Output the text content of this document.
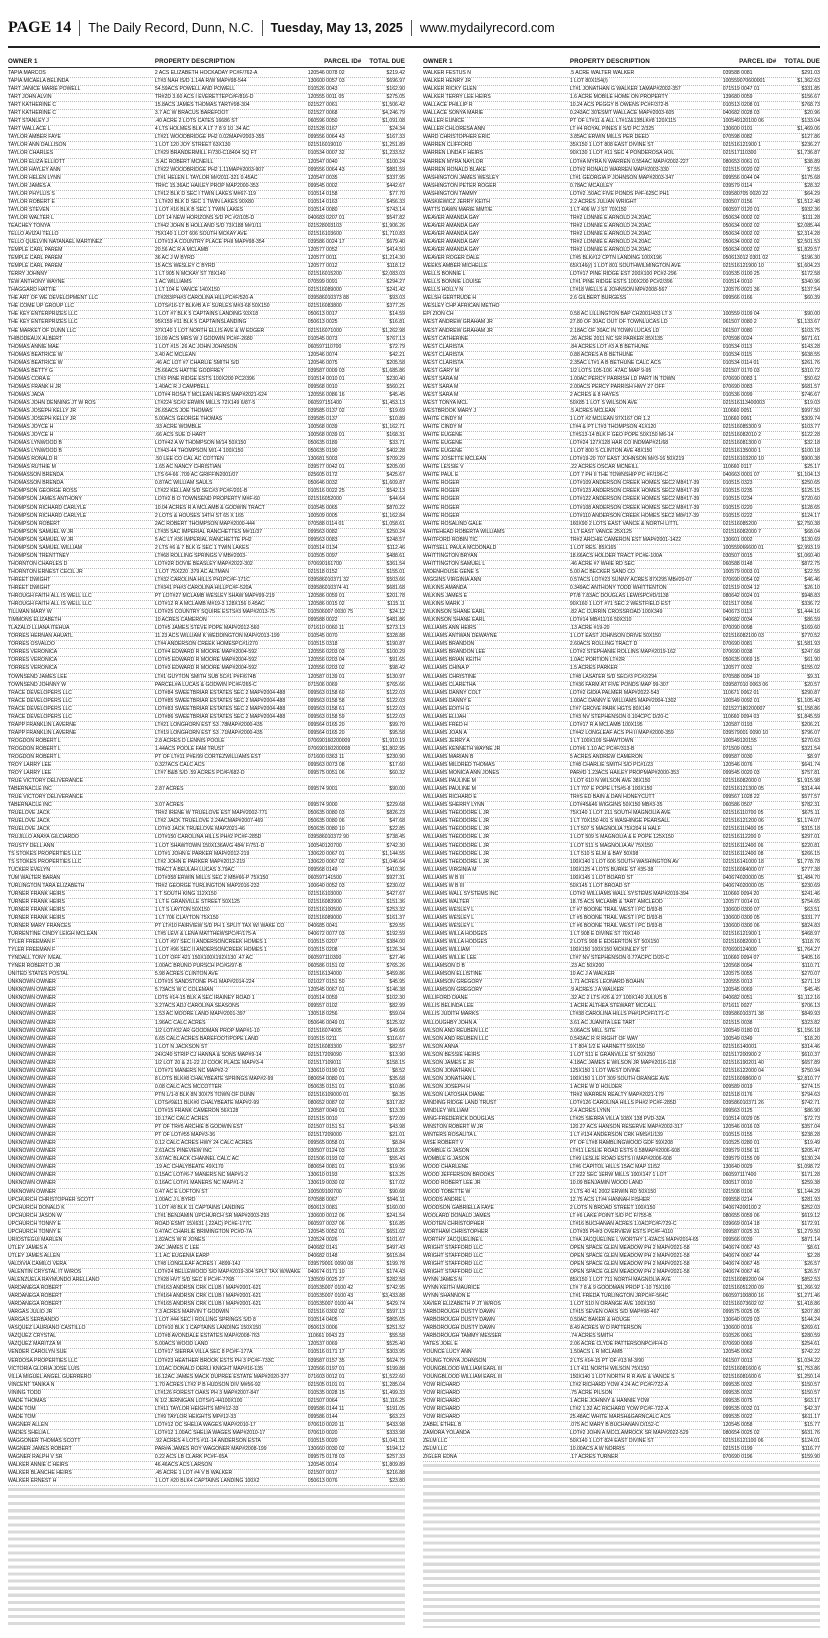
PAGE 14 The Daily Record, Dunn, N.C. Tuesday, May 13, 2025 www.mydailyrecord.com
OWNER 1	PROPERTY DESCRIPTION	PARCEL ID#	TOTAL DUE
TAPIA MARCOS	2 ACS ELIZABETH HOCKADAY PC#F/762-A	120546 0078 02	$219.42
TAPIA MICAELA BELINDA	LT#3 NAH IS/D 1.14A R/W MAP#98-544	130600 0057 03	$696.97
TART JANICE MARIE POWELL	54.59ACS POWELL AND POWELL	010526 0043	$162.90
TART JOHN ALVIN	TR#2D 3.60 ACS I EVERETTEPC#F/816-D	120555 0011 05	$275.05
TART KATHERINE C	15.8ACS JAMES THOMAS TART#98-304	021527 0061	$1,506.42
TART KATHERINE C	3.7 AC W BRACUS BAREFOOT	021527 0068	$4,246.79
TART STANLEY J	.40 ACRE 2 LOTS CATES 16686 ST	060596 0050	$1,091.08
TART WALLACE L	4 LTS HOLMES BLK A LT 7 8 9 10 .34 AC	021528 0167	$24.34
TAYLOR AMBER FAYE	LT#21 WOODBRIDGE PH2 0.02MAP#2003-355	099556 0064 43	$167.33
TAYLOR ANN DALLISON	1 LOT 120 JOY STREET 63X130	021516019010	$1,251.89
TAYLOR CHARLES	LT#29 BRANDERMILL F/730-C18404 SQ FT	010534 0007 32	$1,233.52
TAYLOR ELIZA ELLIOTT	.5 AC ROBERT MCNEILL	120547 0040	$100.24
TAYLOR HAYLEY ANN	LT#22 WOODBRIDGE PH2 1.11MAP#2003-907	099556 0064 43	$881.59
TAYLOR HELEN LYNN	LT#1 HELEN L TAYLOR M#2011-321 0.45AC	120547 0035	$337.95
TAYLOR JAMES A	TR#C 15.36AC HAILEY PROP MAP2000-353	099545 0002	$442.67
TAYLOR PHYLLIS S	LT#12 BLK D SEC I TWIN LAKES M#67-119	010514 0158	$77.70
TAYLOR ROBERT E	1 LT#20 BLK D SEC 1 TWIN LAKES 90X80	010514 0163	$456.33
TAYLOR STEVEN	1 LOT #16 BLK B SEC 1 TWIN LAKES	010514 0080	$743.14
TAYLOR WALTER L	LOT 14 NEW HORIZONS S/D PC #2/105-D	040683 0207 01	$547.82
TEACHEY TONYA	LT#42 JOHN B HOLLAND S/D 73X188 M#1/11	021528003103	$1,906.26
TELLO AVIZAI TELLO	75X140 1 LOT 606 SOUTH MCKAY AVE	021516103600	$1,710.83
TELLO QUELVIN NATANAEL MARTINEZ	LOT#13 A COUNTRY PLACE PHII MAP#98-354	039586 0024 17	$679.40
TEMPLE CARL PAREM	20.56 AC R A MCLAMB	120577 0052	$414.50
TEMPLE CARL PAREM	36 AC J W BYRD	120577 0011	$1,214.30
TEMPLE CARL PAREM	15 ACS WESLEY C BYRD	120577 0012	$118.12
TERRY JOHNNY	1 LT 905 N MCKAY ST 78X140	021516015200	$2,083.03
TEW ANTHONY WAYNE	1 AC WILLIAMS	070599 0091	$294.27
THAGGARD HATTIE	1 LT 104 E VANCE 140X150	021516089000	$241.42
THE ART OF WE DEVELOPMENT LLC	LT#283/PH#3 CAROLINA HILLPC#F/520-A	039586010373 88	$93.03
THE COME UP GROUP LLC	LOTS#16-17 BLK#B A F SURLES M#3-68 50X150	021516083800	$377.25
THE KEY ENTERPRIZES LLC	1 LOT #7 BLK 5 CAPTAINS LANDING 93X18	050613 0017	$14.59
THE KEY ENTERPRIZES LLC	95X159 #11 BLK 5 CAPTAINSLANDING	050613 0025	$16.81
THE MARKET OF DUNN LLC	37X140 1 LOT NORTH ELLIS AVE & W EDGER	021516071000	$1,262.98
THIBODEAUX ALBERT	10.09 ACS MRS W J GODWIN PC#F-2680	010545 0073	$767.13
THOMAS ANNIE MAE	1 LOT #15 .26 AC JOHN JOHNSON	060597110700	$72.79
THOMAS BEATRICE W	3.40 AC MCLEAN	120546 0074	$42.21
THOMAS BEATRICE W	.46 AC LOT #7 CHARLIE SMITH S/D	120546 0075	$205.58
THOMAS BETTY G	25.66ACS HATTIE GODFREY	039587 0009 03	$1,685.86
THOMAS CORA E	LT#3 PINE RIDGE ESTS 100X200 PC2/396	010514 0010 01	$230.40
THOMAS FRANK H JR	1.40AC R J CAMPBELL	099568 0010	$560.21
THOMAS JADA	LOT#4 ROSA T MCLEAN HEIRS MAP#2021-624	120556 0086 16	$45.45
THOMAS JOHN DENNING JT W ROS	LT#224 SC#2 ERWIN MILLS 72X149 6/87-5	060597151400	$1,453.13
THOMAS JOSEPH KELLY JR	26.65ACS JOE THOMAS	039585 0137 02	$19.69
THOMAS JOSEPH KELLY JR	5.00ACS GEORGE THOMAS	039585 0137	$10.89
THOMAS JOYCE H	.93 ACRE WOMBLE	100568 0039	$1,162.71
THOMAS JOYCE H	.66 ACS SUE D HART	100568 0039 01	$168.31
THOMAS LYNWOOD B	LOT#42 A W THOMPSON M/14 50X150	050635 0189	$33.71
THOMAS LYNWOOD B	LT#43-44 THOMPSON M/1-4 100X150	050635 0190	$402.28
THOMAS RONALD R	.50 LEE CO CAL AC COTTEN	130681 5003	$709.29
THOMAS RUTHIE M	1.65 AC NANCY CHRISTIAN	039577 0042 01	$205.00
THOMASSON BRENDA	LTS 64-66 .709 AC GRIFFIN2001/07	025605 0172	$425.67
THOMASSON BRENDA	0.87AC WILLIAM SAULS	050646 0032	$1,609.87
THOMPSON GEORGE ROSS	LT#22 KELLAM S/D SEC#3 PC#F/201-B	010516 0022 25	$542.13
THOMPSON JAMES ANTHONY	LOT#2 B O TOWNSEND PROPERTY M#F-60	021516052000	$44.64
THOMPSON RICHARD CARLYLE	10.04 ACRES R A MCLAMB & GODWIN TRACT	010545 0065	$870.22
THOMPSON RICHARD CARLYLE	2 LOTS & HOUSES 14TH ST 65 X 165	100509 0005	$1,162.84
THOMPSON ROBERT	2AC ROBERT THOMPSON MAP#2000-444	070588 0114 01	$1,058.61
THOMPSON SAMUEL W JR	LT#35 5AC IMPERIAL RANCHETTES M#11/37	099563 0082	$250.24
THOMPSON SAMUEL W JR	5 AC LT #36 IMPERIAL RANCHETTE PH2	099563 0083	$248.57
THOMPSON SAMUEL WILLIAM	2 LTS #6 & 7 BLK G SEC 1 TWIN LAKES	010514 0134	$112.46
THOMPSON TRENTTNEY	LT#68 ROLLING SPRINGS V MB#2003-	010505 0097	$488.61
THORNTON CHARLES D	LOT#2R DOVIE BEASLEY MAP#2022-302	070690161700	$361.54
THORNTON ERNEST CECIL JR	1 LOT 75X220 .379 AC ALTMAN	021518 0152	$155.01
THREET DWIGHT	LT#32 CAROLINA HILLS PH1PC#F-171C	039586010371 32	$503.66
THREET DWIGHT	LT#341 PH#3 CAROLINA HILLPC#F-520A	039586010374 41	$681.68
THROUGH FAITH ALL IS WELL LLC	PT LOT#27 MCLAMB WESLEY SHAW MAP#99-219	120586 0059 01	$201.78
THROUGH FAITH ALL IS WELL LLC	LOT#12 R A MCLAMB M#19-3 128X156 0.45AC	120586 0015 02	$115.11
TILLMAN MARY W	LOT#25 COUNTRY SQUIRE ESTS#3 MAP#2013-75	010506007 0030 75	$24.12
TIMMONS ELIZABETH	10 ACRES CAMERON	099588 0022	$481.86
TLAZALO LLIANA ITEHUA	LOT#5 JAMES STEVE POPE MAP#2012-560	071610 0060 11	$273.13
TORRES HERNAN AHUATL	11.23 ACS WILLIAM K WEDDINGTON MAP#2013-199	010545 0070	$328.88
TORRES OSVALDO	LT#4 ANDERSON CREEK HOMESPC#1/270	010515 0318	$190.87
TORRES VERONICA	LOT#4 EDWARD R MOORE MAP#2004-592	120556 0203 03	$100.29
TORRES VERONICA	LOT#5 EDWARD R MOORE MAP#2004-592	120556 0203 04	$91.65
TORRES VERONICA	LOT#3 EDWARD R MOORE MAP#2004-592	120556 0203 02	$98.42
TOWNSEND JAMES LEE	LT#1 GUYTON SMITH SUB 5C#1 P#F/674B	120587 0139 01	$130.97
TOWNSEND JOHNNY W	PARCEL#A LUCAS & GODWIN PC#F/265-C	071506 0069	$765.66
TRACE DEVELOPERS LLC	LOT#84 SWEETBRIAR ESTATES SEC 2 MAP#2004-488	099563 0158 60	$122.03
TRACE DEVELOPERS LLC	LOT#85 SWEETBRIAR ESTATES SEC 2 MAP#2004-488	099563 0158 58	$122.03
TRACE DEVELOPERS LLC	LOT#83 SWEETBRIAR ESTATES SEC 2 MAP#2004-488	099563 0158 61	$122.03
TRACE DEVELOPERS LLC	LOT#86 SWEETBRIAR ESTATES SEC 2 MAP#2004-488	099563 0158 59	$122.03
TRAPP FRANKLIN LAVERNE	LT#21 LONGHORN EST S3 .78MAP#2000-435	099564 0165 20	$99.70
TRAPP FRANKLIN LAVERNE	LT#19 LONGHORN EST S3 .71MAP#2000-435	099564 0165 20	$95.58
TROGDON ROBERT L	2.8 ACRES D LENNIS POOLE	070690160200009	$1,910.19
TROGDON ROBERT L	1.44ACS POOLE FAM TRUST	070690160200008	$1,802.95
TROGDON ROBERT L	PT OF LT#11 P#E/99 CORTEZWILLIAMS EST	071600 0363 11	$230.90
TROY LARRY LEE	0.327ACS CALC ACS	099563 0073 08	$17.60
TROY LARRY LEE	LT#7 B&B S/D .59 ACRES PC#F/682-D	099575 0051 06	$60.32
TRUE VICTORY DELIVERANCE
TABERNACLE INC	2.87 ACRES	099574 9001	$90.00
TRUE VICTORY DELIVERANCE
TABERNACLE INC	3.07 ACRES	099574 9000	$229.68
TRUELOVE JACK	TR#2 IRENE W TRUELOVE EST MAP#2002-771	050635 0080 03	$826.23
TRUELOVE JACK	LT#2 JACK TRUELOVE 2.24ACMAP#2007-469	050635 0080 06	$47.68
TRUELOVE JACK	LOT#3 JACK TRUELOVE MAP2021-46	050635 0080 10	$22.85
TRUJILLO ANAYA GILCIARDO	LOT#150 CAROLINA HILLS PH#2 PC#F-285D	039586010372 90	$738.45
TRUSTY DELL ANN	1 LOT SHAWTOWN 150X136AVG 484/ F/751-D	100540120700	$742.30
TS STOKES PROPERTIES LLC	LOT#1 JOHN E PARKER MAP#2012-219	130620 0067 01	$1,144.55
TS STOKES PROPERTIES LLC	LT#2 JOHN E PARKER MAP#2012-219	130620 0067 02	$1,046.64
TUCKER EVELYN	TRACT A BEULAH LUCAS 3.79AC	099568 0149	$410.36
TUM WALTER BARAN	LOT#358 ERWIN MILLS SEC 2 MB#66-P 75X150	060597141500	$927.31
TURLINGTON TARA ELIZABETH	TR#2 GEORGE TURLINGTON MAP2016-232	100640 0052 03	$230.02
TURNER FRANK HEIRS	1 T SOUTH KING 112X150	021516103000	$427.67
TURNER FRANK HEIRS	1 LT E GRANVILLE STREET 50X125	021516083900	$151.36
TURNER FRANK HEIRS	1 LT S LAYTON 50X150	021516100500	$253.32
TURNER FRANK HEIRS	1 LT 706 CLAYTON 75X150	021516089000	$161.37
TURNER MARY FRANCES	PT LT#10 FAIRVIEW S/D PH 1 SPLIT TAX W/ WAKE CO	040685 0041	$29.55
TURRENTINE CINDY LEIGH MCLEAN	LT#5 LEVI & LENA MATTHEWSPC#F/175-A	040672 0077 03	$192.59
TYLER FREEMAN F	1 LOT #97 SEC II ANDERSONCREEK HOMES 1	010515 0207	$384.00
TYLER FREEMAN F	1 LOT #96 SEC II ANDERSONCREEK HOMES 1	010515 0208	$126.34
TYNDALL TONY IVEAL	1 LOT OFF 421 150X100X192X130 .47 AC	060597110300	$27.46
TYNER ROBERT D JR	1.00AC BRUNO PURSCH PC#G/97-B	060586 0151 02	$765.26
UNITED STATES POSTAL	5.98 ACRES CLINTON AVE	021516134000	$459.86
UNKNOWN OWNER	LOT#15 SANDSTONE PH1 MAP#2014-224	021027 0151 50	$45.95
UNKNOWN OWNER	5.73ACS W C COLEMAN	120545 0067 01	$146.38
UNKNOWN OWNER	LOTS #14-15 BLK A SEC IRAINEY ROAD 1	010514 0059	$102.30
UNKNOWN OWNER	3.27ACS ADJ CAROLINA SEASONS	099557 0102	$82.99
UNKNOWN OWNER	1.53 AC MOORE LAND MAP#2001-397	130518 0256	$59.04
UNKNOWN OWNER	1.96AC CALC ACRES	050646 0049 01	$125.92
UNKNOWN OWNER	1/2 LOT#32 AR GOODMAN PROP MAP#1-10	021516074005	$49.66
UNKNOWN OWNER	6.65 CALC ACRES BAREFOOT/POPE LAND	010515 0211	$116.67
UNKNOWN OWNER	1 LOT N JACKSON ST	021516083300	$82.57
UNKNOWN OWNER	24X240 STRIP CJ HANNA & SONS MAP#9-14	021517209090	$13.90
UNKNOWN OWNER	1/2 LOT 20 & 21-22 JJ COOK PLACE MAP#3-4	021517109011	$158.15
UNKNOWN OWNER	LOT#71 MANERS NC MAP#2-2	130610 0190 01	$8.52
UNKNOWN OWNER	8 LOTS BLK#8 CHALYBEATE SPRINGS MAP#2-99	080654 0080 01	$35.68
UNKNOWN OWNER	0.08 CALC ACS MCCOTTER	050635 0151 01	$10.86
UNKNOWN OWNER	PTN L/1-8 BLK 8N 30X75 TOWN OF DUNN	021516109000 01	$8.35
UNKNOWN OWNER	LOTS#9&11 BLK#0 CHALYBEATE MAP#2-99	080652 0087 02	$317.82
UNKNOWN OWNER	LOT#15 FRANK CAMERON 56X128	120587 0049 01	$13.30
UNKNOWN OWNER	10.17AC CALC ACRES	021515 0010	$72.09
UNKNOWN OWNER	PT OF TR#5 ARCHIE B GODWIN EST	021507 0151 51	$43.98
UNKNOWN OWNER	PT OF LOT#55 MAP#3-36	021517209000	$21.01
UNKNOWN OWNER	0.12 CALC ACRES HWY 24 CALC ACRES	099565 0058 01	$8.84
UNKNOWN OWNER	2.61ACS PINEVIEW INC	030507 0124 03	$318.26
UNKNOWN OWNER	3.67AC BLACK CHANNEL CALC AC	021506 0193 02	$55.43
UNKNOWN OWNER	.19 AC CHALYBEATE 49X170	080654 0081 01	$19.96
UNKNOWN OWNER	0.15AC LOT#6-7 MANERS NC MAP#1-2	130610 0193	$13.25
UNKNOWN OWNER	0.16AC LOT#1 MANERS NC MAP#1-2	130619 0030 02	$17.02
UNKNOWN OWNER	0.47 AC E LOFTON ST	100509100700	$90.68
UPCHURCH CHRISTOPHER SCOTT	1.00AC J L BYRD	070588 0067	$946.11
UPCHURCH DONALD K	1 LOT #8 BLK 11 CAPTAINS LANDING	050613 0081	$160.00
UPCHURCH JASON W	LT#1 BENJAMIN UPCHURCH SR MAP#2003-293	130600 0012 06	$241.54
UPCHURCH TONNY E	ROAD ESMT 15X631 (.22AC) PC#E-177C	060597 0037 06	$16.85
UPCHURCH TONNY E	0.47AC CHARLIE BRIMINGTON PC#D-7A	120545 0052 01	$651.02
URIOSTEGUI MARLEN	1.82ACS W R JONES	120524 0026	$101.67
UTLEY JAMES A	2AC JAMES C LEE	040682 0141	$497.43
UTLEY JAMES ALLEN	1.1 AC EUGENIA EARP	040682 0148	$615.84
VALDIVIA CAMILO VERA	LT#8 LONGLEAF ACRES I .4899-14J	039579001 0090 08	$199.78
VALENTIN CRYSTAL IT W/ROS	LOT#24 BELLEWOOD S/D MAP#2019-304 SPLT TAX W/WAKE	040674 0171 10	$174.43
VALENZUELA RAYMUNDO ARELLANO	LT#28 HVT S/D SEC II PC#F-776B	130509 0025 27	$282.58
VARDANEGA ROBERT	LT#163 ANDRSN CRK CLUB I MAP#2001-621	010535007 0100 42	$742.95
VARDANEGA ROBERT	LT#164 ANDRSN CRK CLUB I MAP#2001-621	010535007 0100 43	$3,433.88
VARDANEGA ROBERT	LT#165 ANDRSN CRK CLUB I MAP#2001-621	010535007 0100 44	$429.74
VARGAS JULIO JR	7.3 ACRES MARVIN T GODWIN	021516 0302 02	$597.13
VARGAS SERBANDO	1 LOT #44 SEC I ROLLING SPRINGS S/D 8	010514 0405	$865.05
VASQUEZ LAURIANO CASTILLO	LOT#10 BLK 1 CAPTAINS LANDING 150X150	050613 0006	$251.52
VAZQUEZ CRYSTAL	LOT#8 AVONDALE ESTATES MAP#2008-763	110661 0043 23	$55.58
VAZQUEZ MARITZA M	5.00ACS WOOD LAND	120537 0069	$525.40
VENDER CAROLYN SUE	LOT#17 SIERRA VILLA SEC 8 PC#F-177A	010516 0171 17	$303.95
VERDOSA PROPERTIES LLC	LOT#23 HEATHER BROOK ESTS PH 3 PC#F-733C	039587 0157 35	$624.79
VICTORIA GLORIA JOSE LUIS	1.01AC DONALD OERLI KNIGHT MAP#16-135	120566 0197 01	$199.88
VILLA MIGUEL ANGEL GUERRERO	16.12AC JAMES MACK DUPREE ESTATE MAP#2020-377	071603 0012 01	$1,522.60
VINCENT TANIKA N	1.70 ACRES LT#2 P B HUDSON DIV M#56-92	021505 0101 01	$1,285.04
VINING TODD	LT#126 FOREST OAKS PH 3 MAP#2007-847	010535 0028 15	$1,499.33
WADE THOMAS	N 1/2 JERNIGAN LOTS#1-44100X100	021507 0064	$1,116.25
WADE TOM	LT#11 TAYLOR HEIGHTS MP#12-33	099586 0144 11	$191.05
WADE TOM	LT#9 TAYLOR HEIGHTS MP#12-33	099586 0144	$63.23
WAGNER ALLEN	LOT#12 OC SHELIA WAGES MAP#2010-17	070610 0020 11	$433.98
WADES SHELIA L	LOT#12 1.00AC SHELIA WAGES MAP#2010-17	070610 0020	$333.98
WAGGONER THOMAS SCOTT	.92 ACRES 4 LOTS #11-14 ANDERSON ESTA	010515 0020	$1,041.31
WAGNER JAMES ROBERT	PAR#A JAMES ROY WAGONER MAP#2008-199	130660 0030 02	$194.12
WAGNER RALPH V SR	0.22 ACS LB CLARK PC#F-65A	099575 0178 03	$257.33
WALKER ANNIE C HEIRS	46.46ACS ACS LARSON	120545 0014	$1,809.89
WALKER BLANCHE HEIRS	.45 ACRE 1 LOT #4 V B WALKER	021507 0017	$216.88
WALKER ERNEST H	1 LOT #20 BLK4 CAPTAINS LANDING 100X2	050613 0076	$23.80
OWNER 1	PROPERTY DESCRIPTION	PARCEL ID#	TOTAL DUE
WALKER FESTUS N	.5 ACRE WALTER WALKER	039588 0081	$291.03
WALKER HENRY JR	1 LOT 80X154(/)	100559070600001	$1,362.63
WALKER RICKY GLEN	LT#1 JONATHAN G WALKER 1AMAP#2002-357	071519 0047 01	$331.85
WALKER TERRY LEE HEIRS	1.6 ACRE MOBILE HOME ON PROPERTY	139680 0059	$156.67
WALLACE PHILLIP R	10.24 ACS PEGGY B OWENS PC#F/372-B	010513 0208 01	$768.73
WALLACE SONYA MARIE	0.243AC 30'ESMT WALLACE MAP#2003-605	040682 0028 03	$20.96
WALLER EUNICE	PT OF LT#11 & ALL LT#12&13BLK#8 120X115	100549120100 06	$133.04
WALLER CHLORESA ANN	LT #4 ROYAL PINES II S/D PC 2/325	130600 0101	$1,469.06
WARD CHRISTOPHER ERIC	3.85AC ERWIN MILLS PER DEED	070598 0082	$127.86
WARREN CLIFFORD	35X150 1 LOT 808 EAST DIVINE ST	021516121900 1	$236.27
WARREN LINDA F HEIRS	90X130 1 LOT #11 SEC 4 PONDEROSA HOL	021517110300	$1,736.87
WARREN MYRA NAYLOR	LOT#A MYRA N WARREN 0.554AC MAP#2002-227	080653 0061 01	$38.89
WARREN RONALD BLAKE	LOT#2 RONALD WARREN MAP#2003-330	021515 0020 02	$7.55
WASHINGTON JAMES WESLEY	LT#1 GEORGIA P JOHNSON MAP#2003-347	099556 0044 04	$175.68
WASHINGTON PETER ROGER	0.78AC MCAULEY	039579 0114	$28.32
WASHINGTON TAMMY	LOT#2 .50AC FIVE PONDS P#F-625C PH1	039580705 0020 22	$64.29
WASKIEWICZ JERRY KEITH	2.2 ACRES JULIAN WRIGHT	030507 0156	$1,512.48
WATTS DAWN MARIE MMT/E	1 LT 406 W J ST 70X150	060597 0120 01	$932.36
WEAVER AMANDA GAY	TR#2 LONNIE E ARNOLD 24.20AC	050634 0002 02	$111.28
WEAVER AMANDA GAY	TR#2 LONNIE E ARNOLD 24.20AC	050634 0002 02	$2,085.44
WEAVER AMANDA GAY	TR#2 LONNIE E ARNOLD 24.20AC	050634 0002 02	$2,314.28
WEAVER AMANDA GAY	TR#2 LONNIE E ARNOLD 24.20AC	050634 0002 02	$2,501.53
WEAVER AMANDA GAY	TR#2 LONNIE E ARNOLD 24.20AC	050634 0002 02	$1,829.57
WEAVER ROGER DALE	LT#5 BLK#12 CPTN LANDING 100X196	050613012 0301 02	$196.30
WEEKS AMBER MICHELLE	65X146(/) 1 LOT 801 SOUTHWILMINGTON AVE	021516121900 10	$1,604.23
WELLS BONNIE L	LOT#17 PINE RIDGE EST 200X100 PC#2-296	010535 0100 25	$172.58
WELLS BONNIE LOUISE	LT#1 PINE RIDGE ESTS 100X200 PC#2/396	010514 0010	$340.96
WELLS HOLLY N	LT#18 WELLS & JOHNSON MP#2008-567	120576 0021 36	$137.54
WELSH GERTRUDE H	2.6 GILBERT BURGESS	099566 0166	$60.39
WESLEY CHP AFRICAN METHO
EPI ZION CH	0.58 AC LILLINGTON BAP CH2001/433 LT 3	100559 0109 04	$90.00
WEST ANDREW GRAHAM JR	27.80 OF 30AC OUT OF TOWNLUCAS LD	061507 0080 2	$1,133.67
WEST ANDREW GRAHAM JR	2.18AC OF 30AC IN TOWN LUCAS LD	061507 0080	$103.75
WEST CATHERINE	.26 ACRE 2011 NC SR PARKER 85X135	070598 0024	$671.61
WEST CLARISTA	.84 ACRES LOT #3 A B BETHUNE	010534 0113	$143.28
WEST CLARISTA	0.88 ACRES A B BETHUNE	010534 0115	$638.55
WEST CLARISTA	2.35AC LT#1 A B BETHUNE CALC ACS	010534 0114 01	$261.76
WEST GARY M	1/2 LOTS 105-106 .47AC MAP 9-95	021507 0170 03	$310.72
WEST SARA M	1.00AC PERCY PARRISH LD PART IN TOWN	070690 0083 1	$50.62
WEST SARA M	2.00ACS PERCY PARRISH HWY 27 OFF	070690 0083	$681.57
WEST SARA M	2 ACRES & 8 HAYES	010536 0099	$746.67
WEST TONYA MCL	50X85 1 LOT S WILSON AVE	021516113400003	$19.03
WESTBROOK MARY J	.5 ACRES MCLEAN	110660 0051	$997.50
WHITE CINDY M	1 LOT #2 MCLEAN 97X167 OR 1.2	110660 0061	$309.74
WHITE CINDY M	LT#4 & PT LT#3 THOMPSON 41X120	021516085300 9	$103.77
WHITE EUGENE	LT#S13-14 BLK F GEO POPE 50X150 M6-14	021516082010 2	$122.28
WHITE EUGENE	LOT#24 127X128 HAR CO INDMAP#21/68	021516081300 0	$32.18
WHITE EUGENE	1 LOT 800 S CLINTON AVE 48X150	021516135000 1	$100.18
WHITE JOSETTE MCLEAN	LOT#19-20 707 EAST JOHNSON M#3-16 50X219	021516103200 10	$900.38
WHITE LESSIE V	.22 ACRES OSCAR MCNEILL	110660 0117	$25.17
WHITE PAUL E	LOT 7 PH II THE TOWNSHIP PC #F/196-C	040663 0001 07	$1,104.13
WHITE ROGER	LOT#109 ANDERSON CREEK HOMES SEC2 M8#17-39	010515 0323	$250.65
WHITE ROGER	LOT#123 ANDERSON CREEK HOMES SEC2 M8#17-39	010515 0235	$125.15
WHITE ROGER	LOT#122 ANDERSON CREEK HOMES SEC2 M8#17-39	010515 0234	$720.60
WHITE ROGER	LOT#108 ANDERSON CREEK HOMES SEC2 M8#17-39	010515 0220	$128.65
WHITE ROGER	LOT#110 ANDERSON CREEK HOMES SEC2 M8#17-39	010515 0222	$124.17
WHITE ROSALIND GALE	160X90 2 LOTS EAST VANCE & NORTH LITTL	021516085200	$2,750.38
WHITEHEAD ROBERTA WILLIAMS	1 LT EAST VANCE 25X125	021516082000 7	$68.04
WHITFORD ROBIN TIC	TR#2 ARCHIE CAMERON EST MAP#2001-1422	130601 0002	$130.69
WHITSELL PAULA MCDONALD	1 LOT RES. 85X165	100559066600 01	$2,993.19
WHITTINGTON BRYAN	18.66ACS HOLDER TRACT PC#E-100A	030507 0015	$1,060.40
WHITTINGTON SAMUEL L	.46 ACRE #7 WHIE RD SEC	060588 0148	$872.75
WIDENHOUSE GENE S	5.00 AC BECKER SAND CO	100579 0003 01	$22.55
WIGGINS VIRGINIA ANN	0.57ACS LOT#23 SUNNY ACRES 87X295 MB#20-07	070690 0054 02	$46.46
WILKINS AMANDA	0.349AC ANTHONY TODD WHITTENTON	021519 0034 12	$26.10
WILKINS JAMES E	PT/8 7.83AC DOUGLAS LEWISPC#D/1138	080642 0024 01	$948.83
WILKINS MARK J	90X160 1 LOT #71 SEC 2 WESTFIELD EST	021517 0056	$336.72
WILKINSON SHANE EARL	.82 AC CURRIN CROSSROAD 100X349	040673 0113	$1,444.16
WILKINSON SHANE EARL	LOT#14 MB#11/16 50X310	040682 0034	$86.59
WILLIAMS ANN HEIRS	.13 ACRE #19-20	070090 0098	$169.60
WILLIAMS ANTWAN DEWAYNE	1 LOT EAST JOHNSON DRIVE 50X150	021516082100 03	$770.52
WILLIAMS BRANDON	2.60ACS ROLLING TRACT D	070690 0081	$1,581.93
WILLIAMS BRANDON LEE	LOT#2 STEPHANIE ROLLINS MAP#2019-162	070690 0038	$247.68
WILLIAMS BRIAN KEITH	1.0AC PORTION LT#2R	050635 0069 15	$61.90
WILLIAMS CHINA P	1.5 ACRES PARKER	120577 0032	$155.02
WILLIAMS CHRISTINE	LT#8 LASATER S/D SEC#3 PC#2/294	070588 0094 10	$9.31
WILLIAMS CLARETHA	LT#36 FARM AT FIVE PONDS MAP 99-307	039587010 0063 06	$20.57
WILLIAMS DANNY COLT	LOT#2 GIDIA PALMER MAP#2022-543	110671 0062 01	$290.87
WILLIAMS DANNY E	1.00AC DANNY E WILLIAMS MAP#2004-1302	100549 0092 01	$1,105.43
WILLIAMS EDITH G	LT#7 GROVE PARK HGTS 80X140	021527180200007	$1,158.86
WILLIAMS ELIJAH	LT#3 NV STEPHENSON 0.104CPC D/20-C	110660 0094 03	$1,845.59
WILLIAMS FRED H	LOT#17 R A MCLAMB 100X195	120587 0193	$206.21
WILLIAMS JOAN A	LT#42 LONGLEAF ACS PH II MAP#2000-359	039579001 0090 10	$796.07
WILLIAMS JERRY A	1 LT 100X109 SHAWTOWN	100549120155	$270.63
WILLIAMS KENNETH WAYNE JR	LOT#6 1.10 AC PC#F/313-B	071509 0051	$321.54
WILLIAMS MARIAN B	5 ACRES ANDREW CAMERON	099587 0030	$8.97
WILLIAMS MILDRED THOMAS	LT#8 CHARLIE SMITH S/D PC#1/23	120546 0076	$641.74
WILLIAMS MONICA ANN JONES	PAR#D 1.23ACS HAILEY PROPMAP#2000-353	099545 0020 03	$757.81
WILLIAMS PAULINE M	1 LOT 610 N WILSON AVE 38X150	021516082000 0	$1,915.98
WILLIAMS PAULINE M	1 LT 707 E POPE LTS#5-8 100X150	021516121300 05	$314.44
WILLIAMS RICHARD E	TR#S ED BAIN & DAN HONEYCUTT	099567 1028 22	$577.57
WILLIAMS SHERRY LYNN	LOT#45&46 WIGGINS 50X150 MB#3-35	060586 0507	$782.31
WILLIAMS THEODORE L JR	75X140 1 LOT 211 SOUTH MAGNOLIA AVE	021516110700 05	$675.11
WILLIAMS THEODORE L JR	1 LT 70X150 401 S WASHINGE PEARSALL	021516121200 06	$1,174.07
WILLIAMS THEODORE L JR	1 LT 507 S MAGNOLIA 75X204 H HALF	021516110400 05	$315.18
WILLIAMS THEODORE L JR	1 LOT 509 S MAGNOLIA & E POPE 125X150	021516112200 0	$297.01
WILLIAMS THEODORE L JR	1 LOT 511 S MAGNOLIA AV 75X150	021516112400 06	$220.81
WILLIAMS THEODORE L JR	1 LT 510 S ELM & BAY 50X98	021516112400 08	$266.15
WILLIAMS THEODORE L JR	100X140 1 LOT 606 SOUTH WASHINGTON AV	021516141000 18	$1,778.78
WILLIAMS VIRGINIA M	100X125 4 LOTS BURKE ST #35-38	021516084000 07	$777.38
WILLIAMS W B III	100X145 1 LOT BOARD ST	040674020000 05	$1,484.70
WILLIAMS W B III	50X145 1 LOT BROAD ST	040674020000 05	$230.69
WILLIAMS WALL SYSTEMS INC	LOT#2 WILLIAMS WALL SYSTEMS MAP#2019-394	110660 0094 20	$241.46
WILLIAMS WALTER	18.75 ACS MCLAMB & TART AMCLEOD	120577 0014 01	$754.65
WILLIAMS WESLEY L	LT #7 BOONE TRAIL WEST I PC D/93-B	130600 0300 07	$63.51
WILLIAMS WESLEY L	LT #5 BOONE TRAIL WEST I PC D/93-B	130600 0300 05	$331.77
WILLIAMS WESLEY L	LT #6 BOONE TRAIL WEST I PC D/93-B	130600 0300 06	$824.83
WILLIAMS WILLA HODGES	1 LT 908 E DIVINE ST 70X140	021516121900 1	$468.97
WILLIAMS WILLA HODGES	2 LOTS 908 E EDGERTON ST 50X150	021516082000 1	$118.76
WILLIAMS WILLIAM	100X150 100X150 MCKINLEY ST	070690124000	$1,764.27
WILLIAMS WILLIE LEE	LT#7 NV STEPHENSON 0.77ACPC D/20-C	110660 0094 07	$405.16
WILLIAMSON D B	.23 AC 50X200	120568 0094	$110.71
WILLIAMSON ELLISTINE	10 AC J A WALKER	120575 0055	$270.07
WILLIAMSON GREGORY	1.71 ACRES LEONARD BOAHN	120555 0013	$271.19
WILLIAMSON GREGORY	.9 ACRES J A WALKER	120545 0069	$45.45
WILLIFORD DIANE	.32 AC 2 LTS #26 & 27 100X140 JULIUS B	040682 0051	$1,112.16
WILLIS BELINDA LEE	1 ACRE ALTHEA STEWART MCCALL	071611 0027	$706.13
WILLIS JUDITH MARKS	LT#38 CAROLINA HILLS PH#1PC#F/171-C	039586010371 38	$849.93
WILLOUGHBY JOHN A	3.61 AC JUANITA LEE TART	021515 0038	$323.82
WILSON AND REUBEN LLC	3.06ACS MILL SITE	100549 0180 01	$1,156.18
WILSON AND REUBEN LLC	0.543AC R R RIGHT OF WAY	100549 0349	$18.20
WILSON ANNA	1 T 804 1/2 E HARNETT 59X150	021516140001	$314.46
WILSON BESSIE HEIRS	1 LOT 511 E GRANVILLE ST 50X250	021517200900 2	$610.37
WILSON JAMES E JR	4.18AC JAMES E WILSON JR MAP#2016-118	021516190201 40	$657.89
WILSON JONATHAN L	125X150 1 LOT WEST DIVINE	021516122000 04	$750.94
WILSON JONATHAN L	100X150 1 LOT 309 SOUTH ORANGE AVE	021516098600 0	$2,810.77
WILSON JOSEPH H	1 ACRE W D HOLDER	009589 0019	$274.15
WILSON LATOSHA DIANE	TR#2 WARREN REALTY MAP#2021-179	021518 0176	$794.63
WINDING RIDGE LAND TRUST	LOT#126 CAROLINA HILLS PH#2 PC#F-285D	039586010371 26	$742.71
WINDLEY WILLIAM	2.4 ACRES LYNN	099563 0125	$86.90
WING-FREDERICK DOUGLAS	LT#25 SIERRA VILLA 108X 138 PVD-32A	010514 0029 05	$72.73
WINSTON ROBERT W JR	120.27 ACS HANSON RESERVE MAP#2002-317	120546 0016 03	$357.04
WINTERS ROSALITA L	1 LT #134 ANDERSON CRK HMS#1/139	010515 0155	$238.28
WISE ROBERT V	PT OF LT#8 RAMBLINGWOOD GDF 59X208	010525 0280 01	$19.49
WOMBLE G JASON	LT#11 LESLIE ROAD ESTS 0.58MAP#2006-608	039579 0156 11	$205.47
WOMBLE G JASON	LT#9 LESLIE ROAD ESTS II MAP#2006-608	039579 0155 09	$130.24
WOOD CHARLENE	LT#6 CAPITOL HILLS 15AC MAP 11/52	130640 0029	$1,098.72
WOOD JEFFERSON BROOKS	LT 222 SEC 1ERW MILLS 100X147 1 LOT	060597117400	$171.28
WOOD ROBERT LEE JR	10.09 BENJAMIN WOOD LAND	030517 0010	$259.38
WOOD TOBETTE W	2 LTS 40 41 2002 ERWIN RD 50X150	021508 0106	$1,144.29
WOODS ANDRE L	12.75 ACS LT#4 HANNAH FISHER	099558 0214	$281.93
WOODSON GABRIELLA FAYE	2 LOTS N BROAD STREET 100X150	040674200100 2	$252.03
WOOLARD DONALD JAMES	LT #6 LAKE POINT S/D PC F/755-B	080655 0059 06	$619.12
WOOTEN CHRISTOPHER	LT#16 BUCHANAN ACRES 1.0ACPC#F/729-C	039669 0014 18	$172.91
WORTHAM CHRISTOPHER	LOT#35 PH#3 OVERVIEW ESTS PC#F-4110	099587 0025 31	$1,279.50
WORTHY JACQUELINE L	LT#A JACQUELINE L WORTHY 1.42ACS MAP#2014-65	099566 0039	$871.14
WRIGHT STAFFORD LLC	OPEN SPACE GLEN MEADOW PH 2 MAP#2021-58	040674 0067 43	$8.61
WRIGHT STAFFORD LLC	OPEN SPACE GLEN MEADOW PH 2 MAP#2021-58	040674 0067 44	$2.28
WRIGHT STAFFORD LLC	OPEN SPACE GLEN MEADOW PH 2 MAP#2021-58	040674 0067 45	$26.57
WRIGHT STAFFORD LLC	OPEN SPACE GLEN MEADOW PH 2 MAP#2021-58	040674 0067 46	$26.57
WYNN JAMES N	85X150 1 LOT 711 NORTH MAGNOLIA AVE	021516089200 04	$852.53
WYNN KEITH MAURICE	LT# 7 8 & 9 GOODMAN PROP 1-10 75X100	021516051200 09	$1,266.92
WYNN SHANNON E	LT#1 FREDA TURLINGTON JRPC#F-564C	060597100800 16	$1,271.46
XAVIER ELIZABETH P JT W/ROS	1 LOT 510 N ORANGE AVE 100X150	021516073602 02	$1,418.86
YARBOROUGH DUSTY DAWN	LT#15 SEVEN OAKS S/D MAP#98-467	099575 0025 05	$207.80
YARBOROUGH DUSTY DAWN	0.50AC BAKER & HOUGE	130640 0029 03	$144.24
YARBOROUGH DUSTY DAWN	8.49 ACRES W D PATTERSON	130600 0016	$269.61
YARBOROUGH TAMMY MESSER	.74 ACRES SMITH	010526 0061	$280.59
YATES JOEL E	2.06 ACRE CLYDE PATTERSONPC#F/4-D	070690 0069	$254.61
YOUNCE LUCY ANN	1.50ACS L R MCLAMB	120545 0062	$742.22
YOUNG TONYA JOHNSON	2 LTS #14-15 PT OF #13 M-3/90	061507 0013	$1,034.22
YOUNGBLOOD WILLIAM EARL III	1 LT 411 NORTH WILSON 75X150	021516081600 6	$1,753.86
YOUNGBLOOD WILLIAM EARL III	150X140 1 LOT NORTH R R AVE & VANCE S	021516081600 6	$1,250.14
YOW RICHARD	LT#2 RICHARD YOW 4.24 AC PC#F/722-A	099535 0032	$150.57
YOW RICHARD	.75 ACRE PILSON	099535 0032	$150.57
YOW RICHARD	1 ACRE JOHNNY & HANNIE YOW	099535 0075	$63.17
YOW RICHARD	LT#2 1.32 AC RICHARD YOW PC#F-722-A	099535 0032 01	$42.37
YOW RICHARD	25.48AC WHITE MARSH&GARNCALC ACS	099535 0022	$611.17
ZABEL ETHEL B	.075 AC MARY B BUCHANAN D/152-C	120545 0058	$15.77
ZAMORA YOLANDA	LOT#2 JOHN A MCCLAMROCK SR MAP#2022-529	080654 0025 02	$631.76
ZELM LLC	50X140 1 LOT 824 EAST DIVINE ST	021516121100 06	$124.01
ZELM LLC	10.00ACS A W NORRIS	021515 0199	$116.77
ZIGLER EDNA	.17 ACRES TURNER	070690 0196	$159.90
